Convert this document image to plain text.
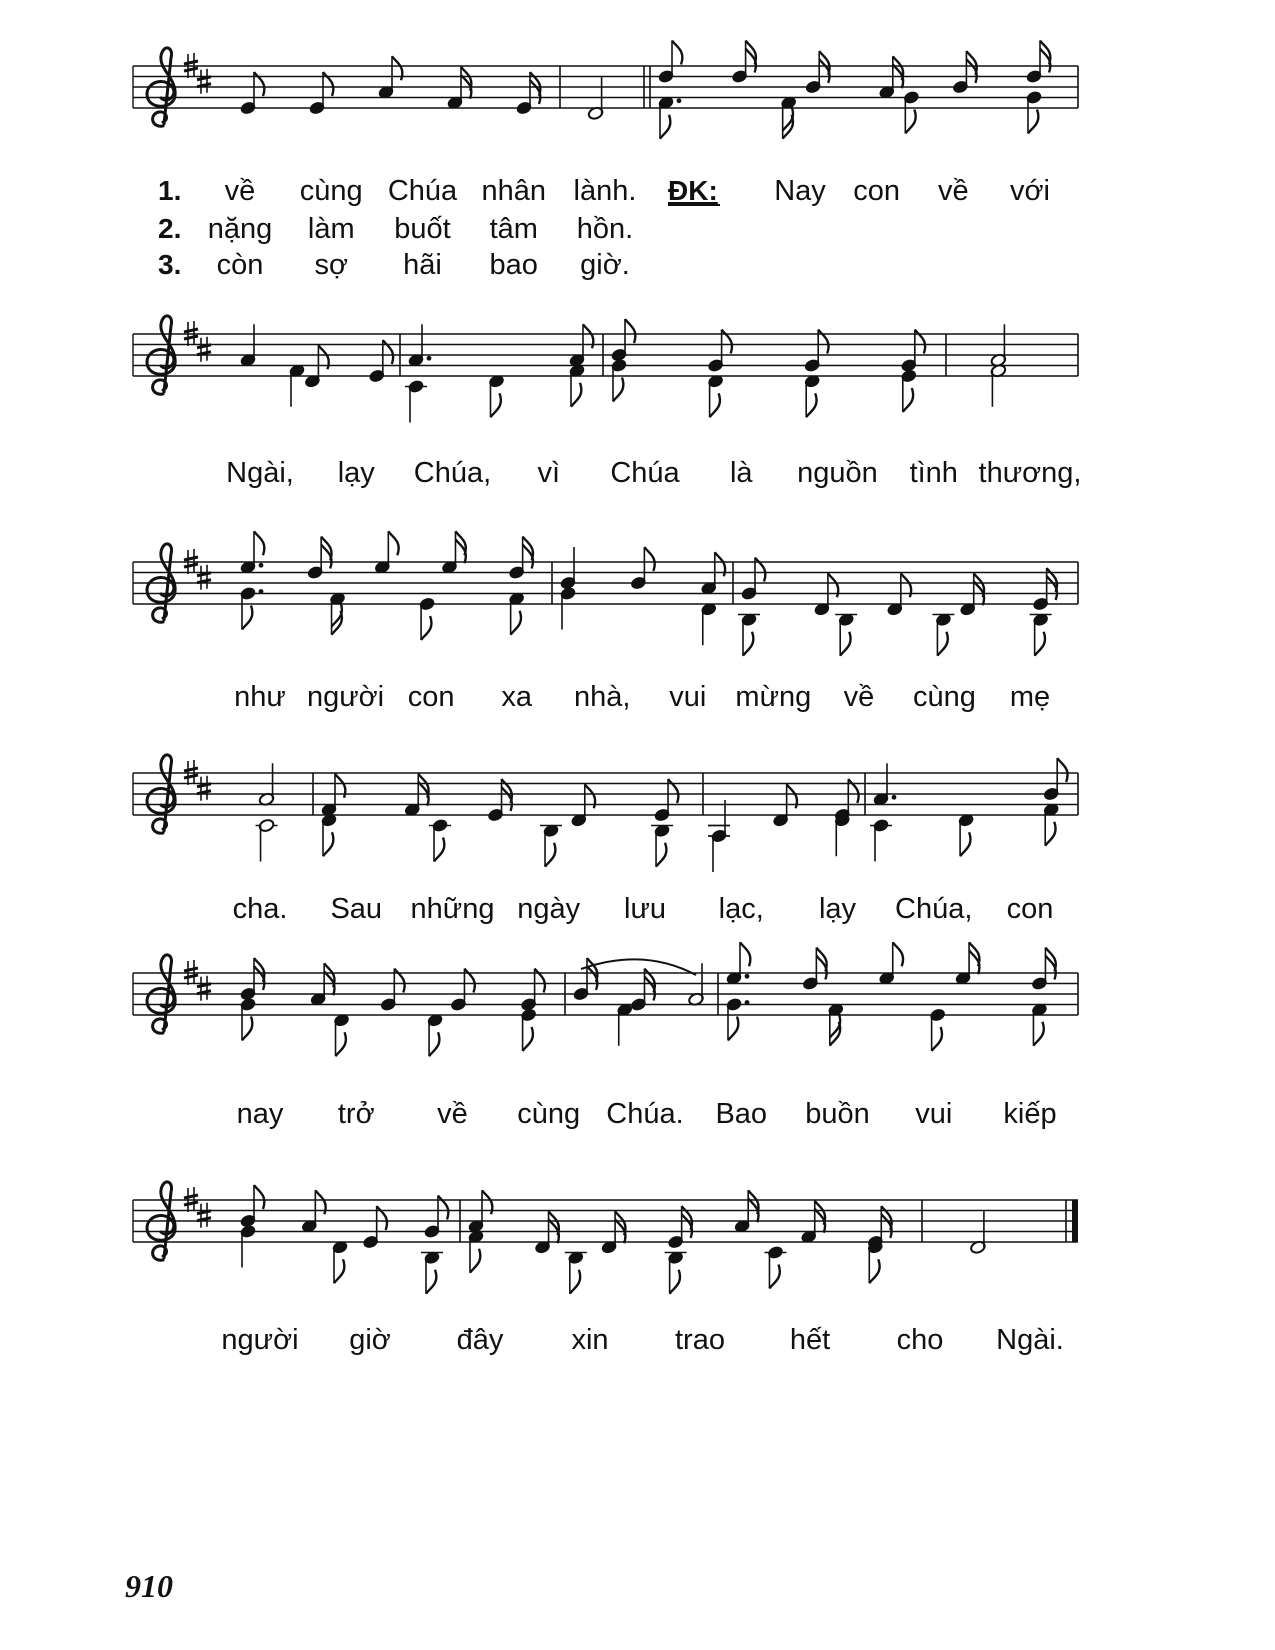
1. về cùng Chúa nhân lành.
2. nặng làm buốt tâm hồn.
3. còn sợ hãi bao giờ.
ĐK: Nay con về với
Ngài, lạy Chúa, vì Chúa là nguồn tình thương,
như người con xa nhà, vui mừng về cùng mẹ
cha. Sau những ngày lưu lạc, lạy Chúa, con
nay trở về cùng Chúa. Bao buồn vui kiếp
người giờ đây xin trao hết cho Ngài.
910
